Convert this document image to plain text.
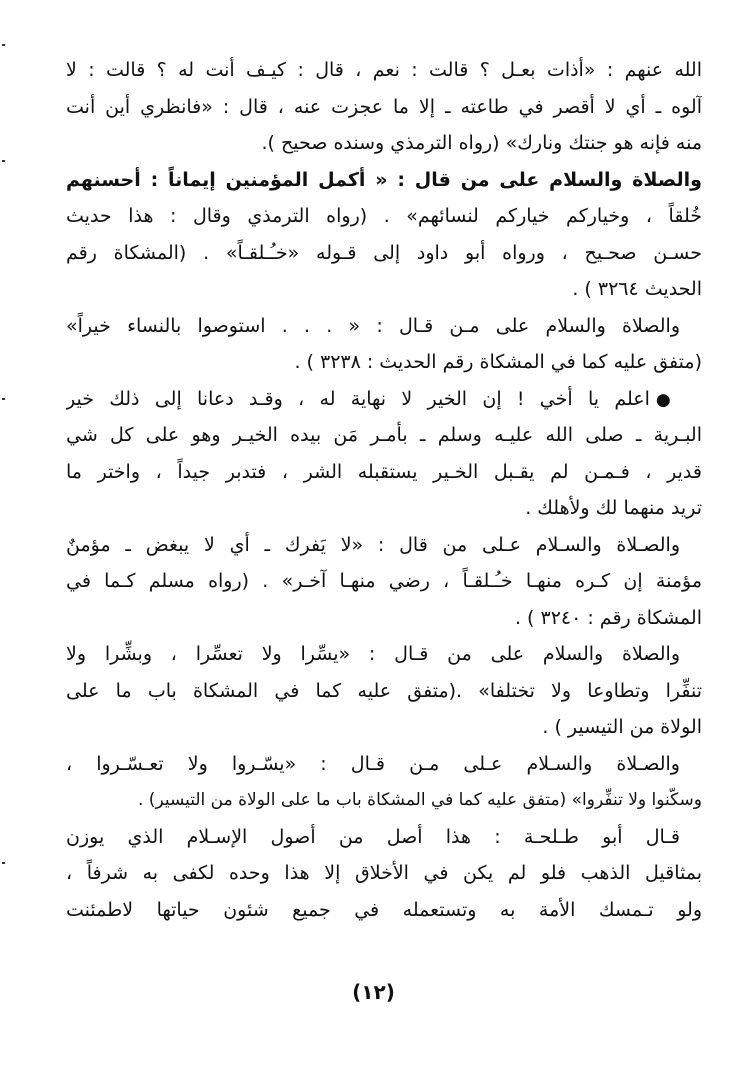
الله عنهم : «أذات بعـل ؟ قالت : نعم ، قال : كيـف أنت له ؟ قالت : لا
آلوه ـ أي لا أقصر في طاعته ـ إلا ما عجزت عنه ، قال : «فانظري أين أنت
منه فإنه هو جنتك ونارك» (رواه الترمذي وسنده صحيح ).
والصلاة والسلام على من قال : « أكمل المؤمنين إيماناً : أحسنهم
خُلقاً ، وخياركم خياركم لنسائهم» . (رواه الترمذي وقال : هذا حديث
حسـن صحـيح ، ورواه أبو داود إلى قـوله «خـُـلقـاً» . (المشكاة رقم
الحديث ٣٢٦٤ ) .
والصلاة والسلام على مـن قـال : « . . . استوصوا بالنساء خيراً»
(متفق عليه كما في المشكاة رقم الحديث : ٣٢٣٨ ) .
●اعلم يا أخي ! إن الخير لا نهاية له ، وقـد دعانا إلى ذلك خير
البـرية ـ صلى الله عليـه وسلم ـ بأمـر مَن بيده الخيـر وهو على كل شي
قدير ، فـمـن لم يقـبل الخـير يستقبله الشر ، فتدبر جيداً ، واختر ما
تريد منهما لك ولأهلك .
والصـلاة والسـلام عـلى من قال : «لا يَفرك ـ أي لا يبغض ـ مؤمنٌ
مؤمنة إن كـره منهـا خـُـلقـاً ، رضي منهـا آخـر» . (رواه مسلم كـما في
المشكاة رقم : ٣٢٤٠ ) .
والصلاة والسلام على من قـال : «يسِّرا ولا تعسِّرا ، وبشِّرا ولا
تنفِّرا وتطاوعا ولا تختلفا» .(متفق عليه كما في المشكاة باب ما على
الولاة من التيسير ) .
والصـلاة والسـلام عـلى مـن قـال : «يسّـروا ولا تعـسّـروا ،
وسكّنوا ولا تنفِّروا» (متفق عليه كما في المشكاة باب ما على الولاة من التيسير) .
قـال أبو طـلحـة : هذا أصل من أصول الإسـلام الذي يوزن
بمثاقيل الذهب فلو لم يكن في الأخلاق إلا هذا وحده لكفى به شرفاً ،
ولو تـمسك الأمة به وتستعمله في جميع شئون حياتها لاطمئنت
(١٢)
